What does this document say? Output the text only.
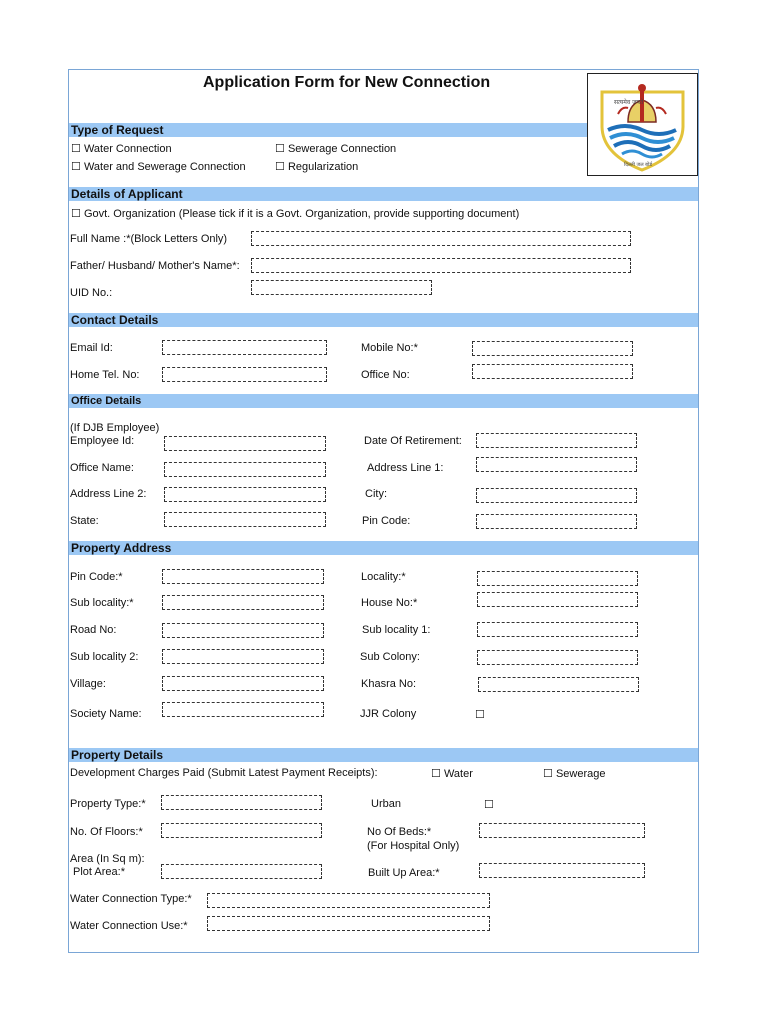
Application Form for New Connection
सत्यमेव जयते
दिल्ली जल बोर्ड
Type of Request
☐ Water Connection	☐ Sewerage Connection
☐ Water and Sewerage Connection	☐ Regularization
Details of Applicant
☐ Govt. Organization (Please tick if it is a Govt. Organization, provide supporting document)
Full Name :*(Block Letters Only)
Father/ Husband/ Mother's Name*:
UID No.:
Contact Details
Email Id:	Mobile No:*
Home Tel. No:	Office No:
Office Details
(If DJB Employee)
Employee Id:	Date Of Retirement:
Office Name:	Address Line 1:
Address Line 2:	City:
State:	Pin Code:
Property Address
Pin Code:*	Locality:*
Sub locality:*	House No:*
Road No:	Sub locality 1:
Sub locality 2:	Sub Colony:
Village:	Khasra No:
Society Name:	JJR Colony	☐
Property Details
Development Charges Paid (Submit Latest Payment Receipts):	☐ Water	☐ Sewerage
Property Type:*	Urban	☐
No. Of Floors:*	No Of Beds:*
(For Hospital Only)
Area (In Sq m):
Plot Area:*	Built Up Area:*
Water Connection Type:*
Water Connection Use:*
